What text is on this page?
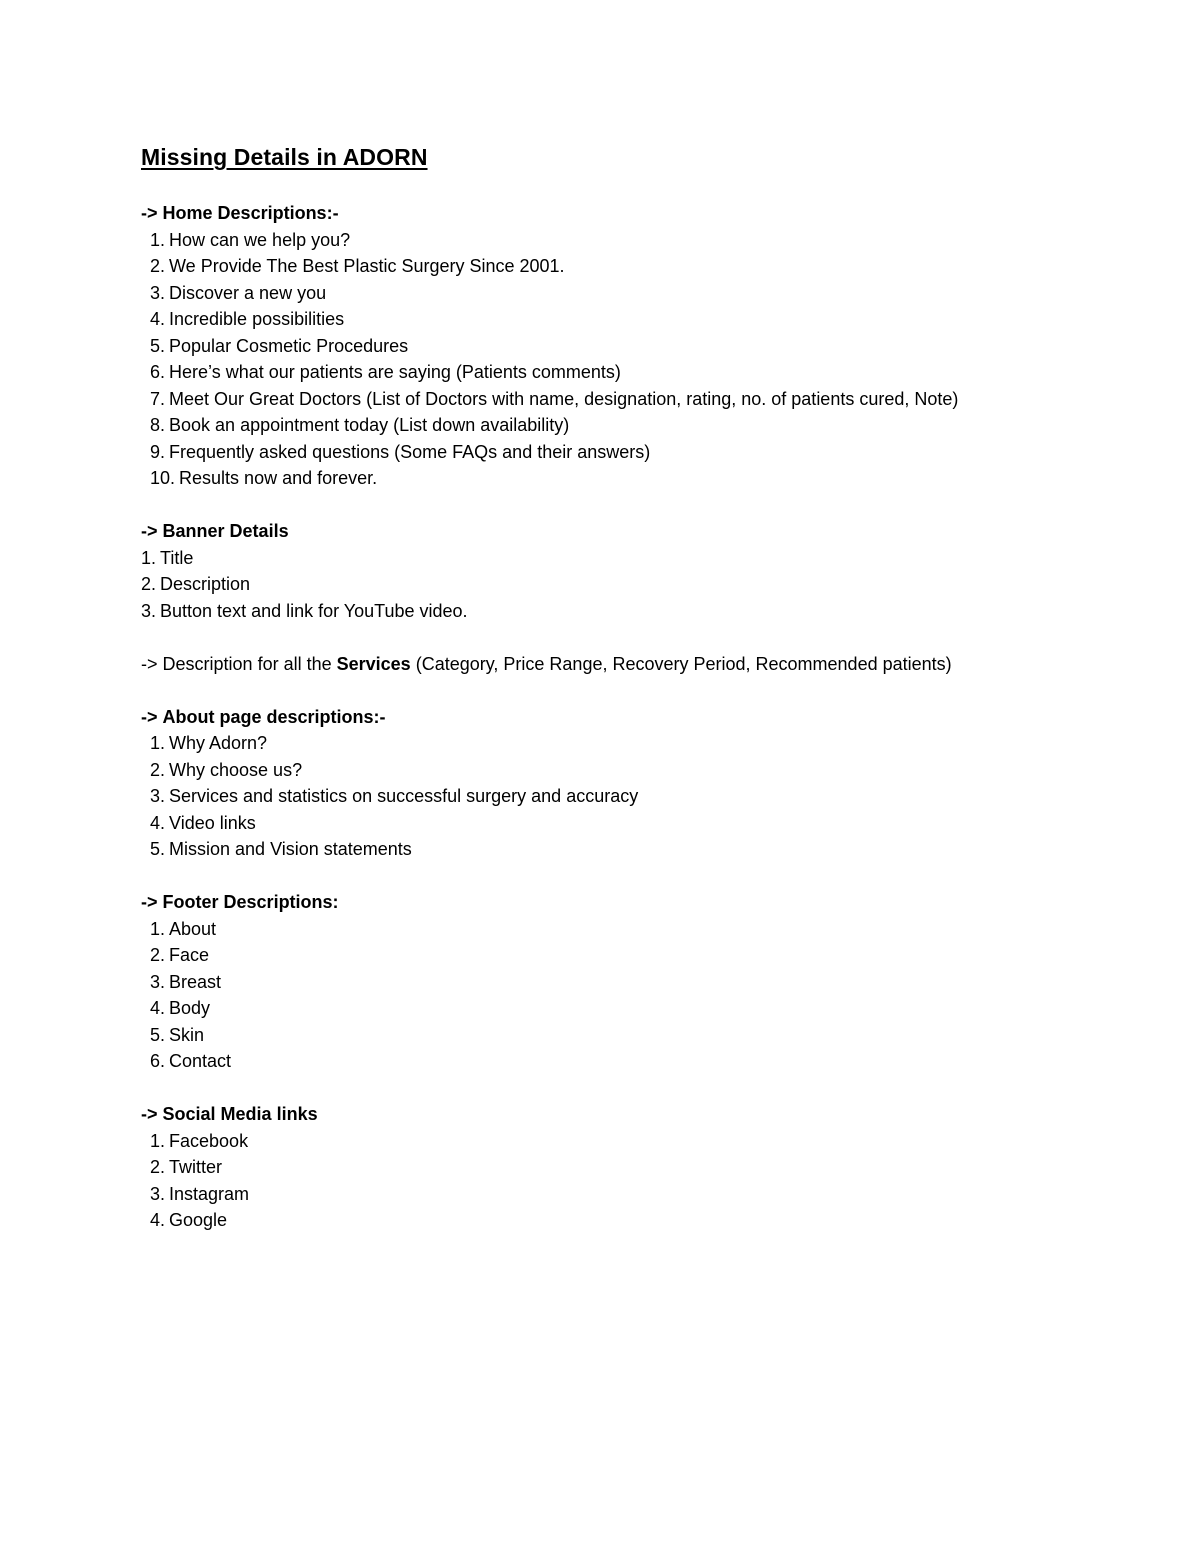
Missing Details in ADORN
-> Home Descriptions:-
1. How can we help you?
2. We Provide The Best Plastic Surgery Since 2001.
3. Discover a new you
4. Incredible possibilities
5. Popular Cosmetic Procedures
6. Here’s what our patients are saying (Patients comments)
7. Meet Our Great Doctors (List of Doctors with name, designation, rating, no. of patients cured, Note)
8. Book an appointment today (List down availability)
9. Frequently asked questions (Some FAQs and their answers)
10. Results now and forever.
-> Banner Details
1. Title
2. Description
3. Button text and link for YouTube video.
-> Description for all the Services (Category, Price Range, Recovery Period, Recommended patients)
-> About page descriptions:-
1. Why Adorn?
2. Why choose us?
3. Services and statistics on successful surgery and accuracy
4. Video links
5. Mission and Vision statements
-> Footer Descriptions:
1. About
2. Face
3. Breast
4. Body
5. Skin
6. Contact
-> Social Media links
1. Facebook
2. Twitter
3. Instagram
4. Google
